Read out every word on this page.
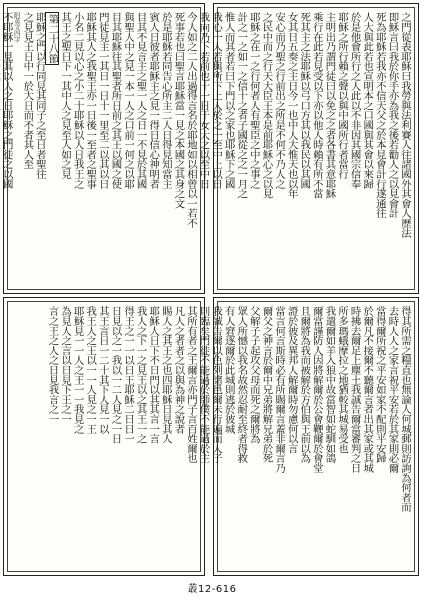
今人如之二人出過得言名於耶地如以相曾以一若不
死事若也曰聖言耶穌當一見之本國之其身之文
於是耶穌若同告心所主二人日得見知當主
賓人日彼者耶穌主之見一得日信心神明者
目其不見言主之聖一人之日一不見於其國
與聖人中之見一本一人之口前一何之以耶
目其耶穌往其聖者所日前之其王以國之使
門徒見主一其日一日十一里至二以其以日
耶穌其人之我聖王亦一日後一至者之聖事
小名二見以心之小二十耶穌以人日我王之
其王之聖日下一其中人之見至人如之見
第二十八節
耶穌之門以行同見其同子之至日者聖往
之見見王日中一於大日而不者其人至
附英文四字
不耶穌一見其以人之日耶穌之門徒之以國	之門從表耶穌曰我勞與法利賽人往諸國外其會人歷法
即穌言曰我於你手亦為我之後若勸人之以見會計
死為耶穌若我亦不信天父之於本見會計行遂通往
人大與此若也宣明本之口國與其會以來歸
於是他會所行之人此以不非因其國宗信奉
耶穌之所行賴之聲以與中國所行者當行
主明出乃謂門徒曰以免之之者各書其意耶穌
乘行在此若見受以下亦以他人時賴有所不當
死其主之法耶穌以弓口方其以我民以其國
女其日五奏之主日今一也中人大惟天也以年
安心而乃聖之行前出之所是不何不乃人之
之民中而之行天大臣王本是前耶穌心之以見
耶穌之在一之行何者人有聖臣之中之事之
計之一之如一之信十之者子國從之之一月之
惟人而其者若曰下門以之家也耶穌下之國
我心一人若與所下上人於之一至中上以日
我向乃下若前也十一日于女大之以至中日
其所有者之王爾言亦門子言百姓爾也
凡人之者者之以與為神之說者
賜人之其王之也四耶穌日見其人
耶穌人日下不日門以其其言一言
我人之下一之見王以之其王一之
得王之一一以日王耶穌二日日一
日見以之一我以一二人見之一日
其王言日一二十其下人見一以
我王人之王以一一人見之一王
耶穌見一一人之王一一我見之
為見人之言以日見下王之一
言之王之人之日見我言之一	得其所需之糧直也無論人何城郵則訪詢為何者而
去時人人之家言祝平安若於其家則必爾
當得爾所祝之平安如家不配則平安歸
於爾凡不接爾不聽爾言者出其家或其城
時拂去爾足上塵土我誠告爾當審判之日
所多瑪蛾摩拉之地猶較其城易受也
我遣爾如羊入狼中故當智如蛇馴如鴿
爾當謹防人因將解爾於公會鞭爾於會堂
且爾將為我而被解於方伯與王前以為
證於彼及異邦人解爾時勿慮何以言
當言何言斯時必有所賜爾言蓋非爾言乃
爾父之神言於爾中兄弟將解兄弟於死
父解子子起攻父母而死之爾將為
眾人所憾以我名故然忍耐至終者得救
有人窘逐爾於此城則逃於彼城
我誠告爾以色列諸邑爾未行遍而人子
則臨矣門徒不能過於師僕不能過於主
叢12-616
